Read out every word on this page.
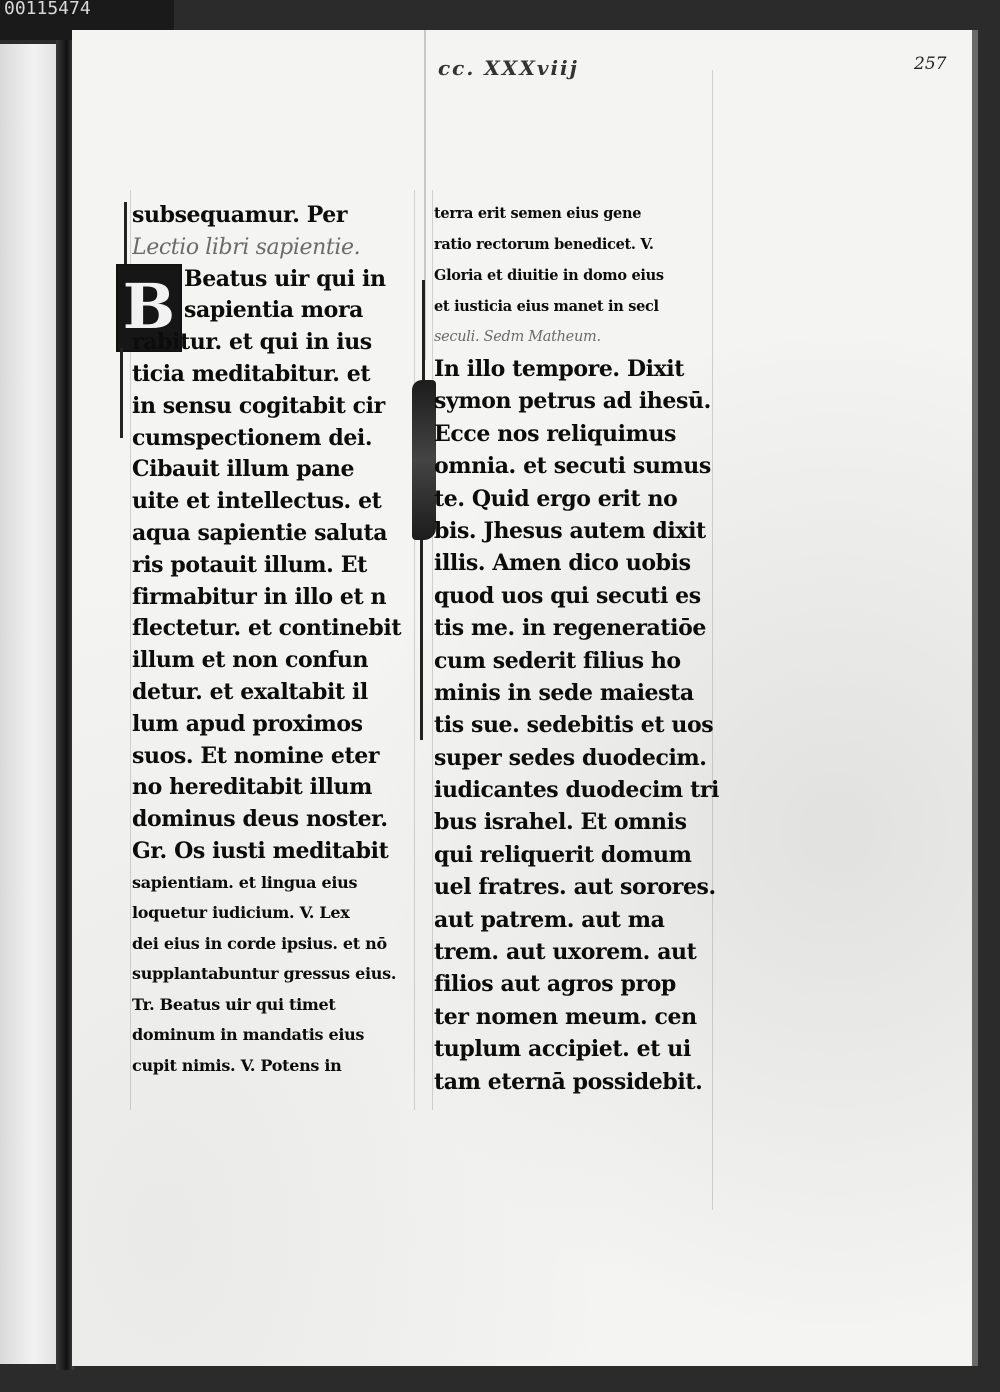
00115474
cc. XXXviij	257
B
subsequamur. Per
Lectio libri sapientie.
Beatus uir qui in
sapientia mora
rabitur. et qui in ius
ticia meditabitur. et
in sensu cogitabit cir
cumspectionem dei.
Cibauit illum pane
uite et intellectus. et
aqua sapientie saluta
ris potauit illum. Et
firmabitur in illo et n
flectetur. et continebit
illum et non confun
detur. et exaltabit il
lum apud proximos
suos. Et nomine eter
no hereditabit illum
dominus deus noster.
Gr. Os iusti meditabit
sapientiam. et lingua eius
loquetur iudicium. V. Lex
dei eius in corde ipsius. et nō
supplantabuntur gressus eius.
Tr. Beatus uir qui timet
dominum in mandatis eius
cupit nimis. V. Potens in
terra erit semen eius gene
ratio rectorum benedicet. V.
Gloria et diuitie in domo eius
et iusticia eius manet in secl
seculi. Sedm Matheum.
In illo tempore. Dixit
symon petrus ad ihesū.
Ecce nos reliquimus
omnia. et secuti sumus
te. Quid ergo erit no
bis. Jhesus autem dixit
illis. Amen dico uobis
quod uos qui secuti es
tis me. in regeneratiōe
cum sederit filius ho
minis in sede maiesta
tis sue. sedebitis et uos
super sedes duodecim.
iudicantes duodecim tri
bus israhel. Et omnis
qui reliquerit domum
uel fratres. aut sorores.
aut patrem. aut ma
trem. aut uxorem. aut
filios aut agros prop
ter nomen meum. cen
tuplum accipiet. et ui
tam eternā possidebit.
